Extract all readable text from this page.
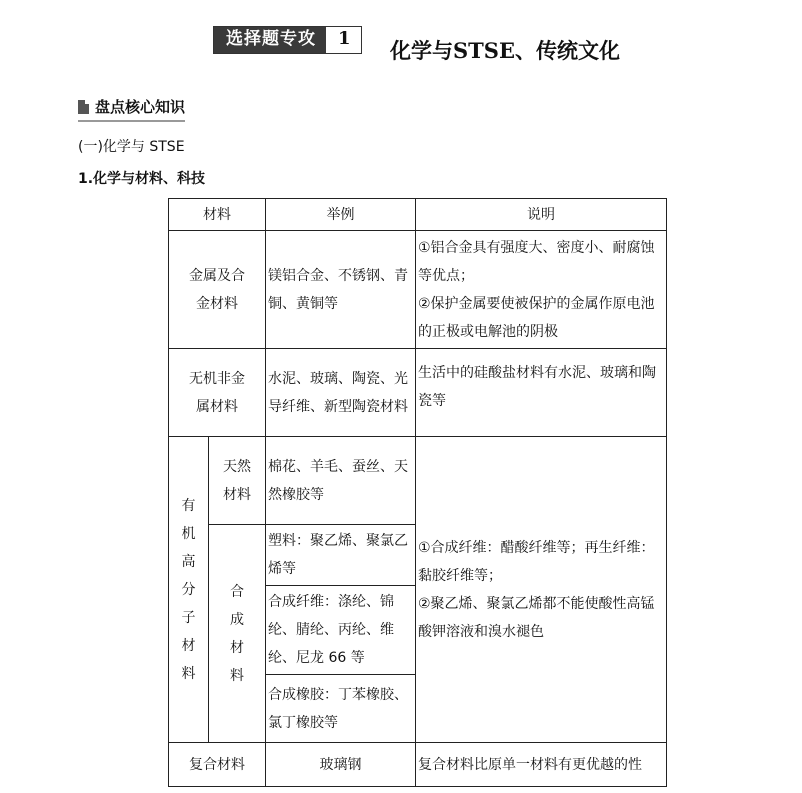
选择题专攻	1	化学与STSE、传统文化
盘点核心知识
(一)化学与 STSE
1.化学与材料、科技
材料		举例	说明
金属及合金材料		镁铝合金、不锈钢、青铜、黄铜等	①铝合金具有强度大、密度小、耐腐蚀等优点；
②保护金属要使被保护的金属作原电池的正极或电解池的阴极

无机非金属材料		水泥、玻璃、陶瓷、光导纤维、新型陶瓷材料	生活中的硅酸盐材料有水泥、玻璃和陶瓷等
有机高分子材料	天然材料	棉花、羊毛、蚕丝、天然橡胶等	①合成纤维：醋酸纤维等；再生纤维：黏胶纤维等；
②聚乙烯、聚氯乙烯都不能使酸性高锰酸钾溶液和溴水褪色

	合成材料	塑料：聚乙烯、聚氯乙烯等	
		合成纤维：涤纶、锦纶、腈纶、丙纶、维纶、尼龙 66 等	
		合成橡胶：丁苯橡胶、氯丁橡胶等	
复合材料		玻璃钢	复合材料比原单一材料有更优越的性
